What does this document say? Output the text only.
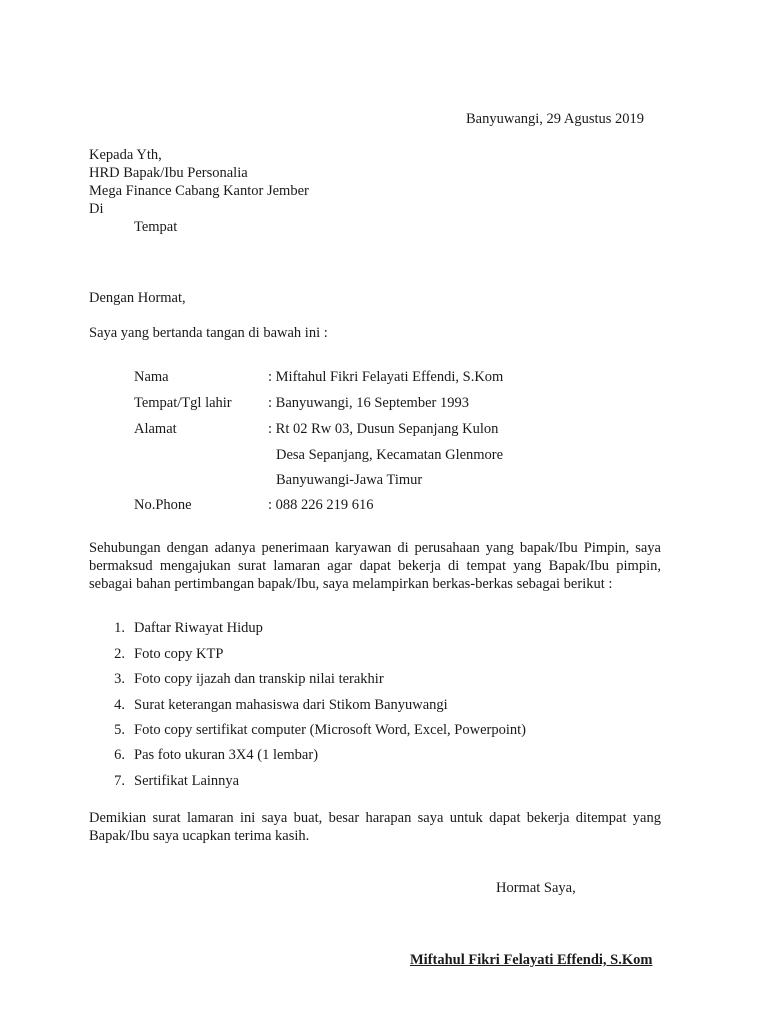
Banyuwangi, 29 Agustus 2019
Kepada Yth,
HRD Bapak/Ibu Personalia
Mega Finance Cabang Kantor Jember
Di
Tempat
Dengan Hormat,
Saya yang bertanda tangan di bawah ini :
Nama	: Miftahul Fikri Felayati Effendi, S.Kom
Tempat/Tgl lahir	: Banyuwangi, 16 September 1993
Alamat	: Rt 02 Rw 03, Dusun Sepanjang Kulon
Desa Sepanjang, Kecamatan Glenmore
Banyuwangi-Jawa Timur
No.Phone	: 088 226 219 616

Sehubungan dengan adanya penerimaan karyawan di perusahaan yang bapak/Ibu Pimpin, saya bermaksud mengajukan surat lamaran agar dapat bekerja di tempat yang Bapak/Ibu pimpin, sebagai bahan pertimbangan bapak/Ibu, saya melampirkan berkas-berkas sebagai berikut :

1. Daftar Riwayat Hidup
2. Foto copy KTP
3. Foto copy ijazah dan transkip nilai terakhir
4. Surat keterangan mahasiswa dari Stikom Banyuwangi
5. Foto copy sertifikat computer (Microsoft Word, Excel, Powerpoint)
6. Pas foto ukuran 3X4 (1 lembar)
7. Sertifikat Lainnya

Demikian surat lamaran ini saya buat, besar harapan saya untuk dapat bekerja ditempat yang Bapak/Ibu saya ucapkan terima kasih.

Hormat Saya,
Miftahul Fikri Felayati Effendi, S.Kom
